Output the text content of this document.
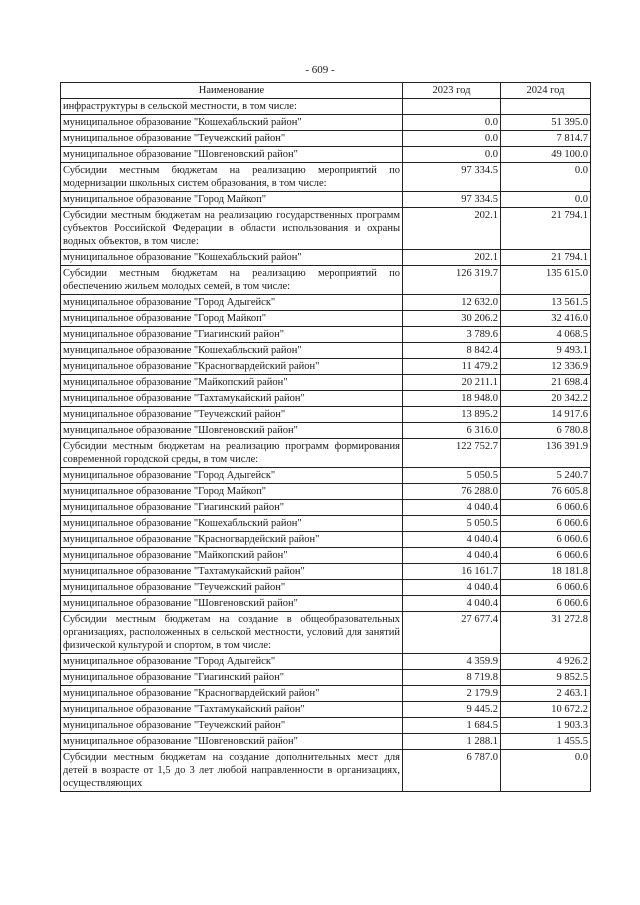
- 609 -
Наименование	2023 год	2024 год
инфраструктуры в сельской местности, в том числе:		
муниципальное образование "Кошехабльский район"	0.0	51 395.0
муниципальное образование "Теучежский район"	0.0	7 814.7
муниципальное образование "Шовгеновский район"	0.0	49 100.0
Субсидии местным бюджетам на реализацию мероприятий по модернизации школьных систем образования, в том числе:	97 334.5	0.0
муниципальное образование "Город Майкоп"	97 334.5	0.0
Субсидии местным бюджетам на реализацию государственных программ субъектов Российской Федерации в области использования и охраны водных объектов, в том числе:	202.1	21 794.1
муниципальное образование "Кошехабльский район"	202.1	21 794.1
Субсидии местным бюджетам на реализацию мероприятий по обеспечению жильем молодых семей, в том числе:	126 319.7	135 615.0
муниципальное образование "Город Адыгейск"	12 632.0	13 561.5
муниципальное образование "Город Майкоп"	30 206.2	32 416.0
муниципальное образование "Гиагинский район"	3 789.6	4 068.5
муниципальное образование "Кошехабльский район"	8 842.4	9 493.1
муниципальное образование "Красногвардейский район"	11 479.2	12 336.9
муниципальное образование "Майкопский район"	20 211.1	21 698.4
муниципальное образование "Тахтамукайский район"	18 948.0	20 342.2
муниципальное образование "Теучежский район"	13 895.2	14 917.6
муниципальное образование "Шовгеновский район"	6 316.0	6 780.8
Субсидии местным бюджетам на реализацию программ формирования современной городской среды, в том числе:	122 752.7	136 391.9
муниципальное образование "Город Адыгейск"	5 050.5	5 240.7
муниципальное образование "Город Майкоп"	76 288.0	76 605.8
муниципальное образование "Гиагинский район"	4 040.4	6 060.6
муниципальное образование "Кошехабльский район"	5 050.5	6 060.6
муниципальное образование "Красногвардейский район"	4 040.4	6 060.6
муниципальное образование "Майкопский район"	4 040.4	6 060.6
муниципальное образование "Тахтамукайский район"	16 161.7	18 181.8
муниципальное образование "Теучежский район"	4 040.4	6 060.6
муниципальное образование "Шовгеновский район"	4 040.4	6 060.6
Субсидии местным бюджетам на создание в общеобразовательных организациях, расположенных в сельской местности, условий для занятий физической культурой и спортом, в том числе:	27 677.4	31 272.8
муниципальное образование "Город Адыгейск"	4 359.9	4 926.2
муниципальное образование "Гиагинский район"	8 719.8	9 852.5
муниципальное образование "Красногвардейский район"	2 179.9	2 463.1
муниципальное образование "Тахтамукайский район"	9 445.2	10 672.2
муниципальное образование "Теучежский район"	1 684.5	1 903.3
муниципальное образование "Шовгеновский район"	1 288.1	1 455.5
Субсидии местным бюджетам на создание дополнительных мест для детей в возрасте от 1,5 до 3 лет любой направленности в организациях, осуществляющих	6 787.0	0.0
